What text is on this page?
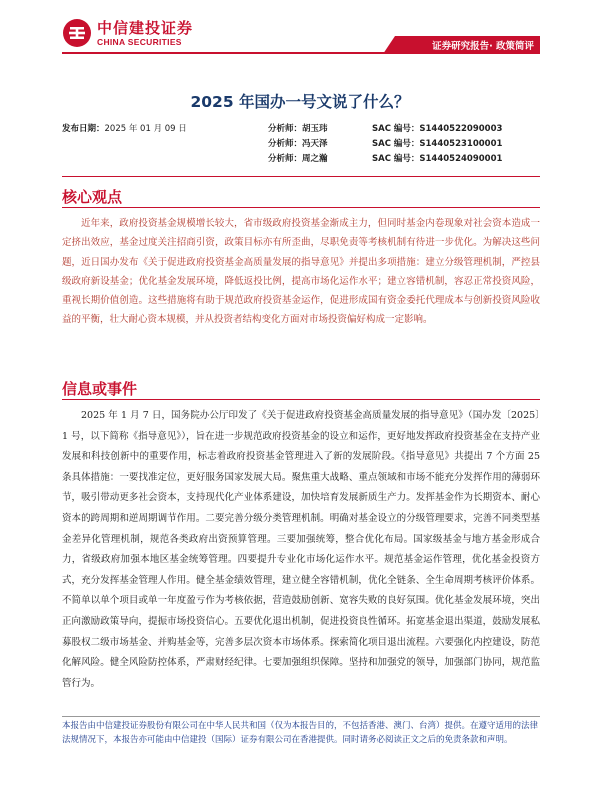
中信建投证券
CHINA SECURITIES	证券研究报告· 政策简评
2025 年国办一号文说了什么？
发布日期：2025 年 01 月 09 日	分析师：胡玉玮	SAC 编号：S1440522090003
分析师：冯天泽	SAC 编号：S1440523100001
分析师：周之瀚	SAC 编号：S1440524090001
核心观点
近年来，政府投资基金规模增长较大，省市级政府投资基金渐成主力，但同时基金内卷现象对社会资本造成一定挤出效应，基金过度关注招商引资，政策目标亦有所歪曲，尽职免责等考核机制有待进一步优化。为解决这些问题，近日国办发布《关于促进政府投资基金高质量发展的指导意见》并提出多项措施：建立分级管理机制，严控县级政府新设基金；优化基金发展环境，降低返投比例，提高市场化运作水平；建立容错机制，容忍正常投资风险，重视长期价值创造。这些措施将有助于规范政府投资基金运作，促进形成国有资金委托代理成本与创新投资风险收益的平衡，壮大耐心资本规模，并从投资者结构变化方面对市场投资偏好构成一定影响。
信息或事件
2025 年 1 月 7 日，国务院办公厅印发了《关于促进政府投资基金高质量发展的指导意见》（国办发〔2025〕1 号，以下简称《指导意见》），旨在进一步规范政府投资基金的设立和运作，更好地发挥政府投资基金在支持产业发展和科技创新中的重要作用，标志着政府投资基金管理进入了新的发展阶段。《指导意见》共提出 7 个方面 25 条具体措施：一要找准定位，更好服务国家发展大局。聚焦重大战略、重点领域和市场不能充分发挥作用的薄弱环节，吸引带动更多社会资本，支持现代化产业体系建设，加快培育发展新质生产力。发挥基金作为长期资本、耐心资本的跨周期和逆周期调节作用。二要完善分级分类管理机制。明确对基金设立的分级管理要求，完善不同类型基金差异化管理机制，规范各类政府出资预算管理。三要加强统筹，整合优化布局。国家级基金与地方基金形成合力，省级政府加强本地区基金统筹管理。四要提升专业化市场化运作水平。规范基金运作管理，优化基金投资方式，充分发挥基金管理人作用。健全基金绩效管理，建立健全容错机制，优化全链条、全生命周期考核评价体系。不简单以单个项目或单一年度盈亏作为考核依据，营造鼓励创新、宽容失败的良好氛围。优化基金发展环境，突出正向激励政策导向，提振市场投资信心。五要优化退出机制，促进投资良性循环。拓宽基金退出渠道，鼓励发展私募股权二级市场基金、并购基金等，完善多层次资本市场体系。探索简化项目退出流程。六要强化内控建设，防范化解风险。健全风险防控体系，严肃财经纪律。七要加强组织保障。坚持和加强党的领导，加强部门协同，规范监管行为。
本报告由中信建投证券股份有限公司在中华人民共和国（仅为本报告目的，不包括香港、澳门、台湾）提供。在遵守适用的法律法规情况下，本报告亦可能由中信建投（国际）证券有限公司在香港提供。同时请务必阅读正文之后的免责条款和声明。
